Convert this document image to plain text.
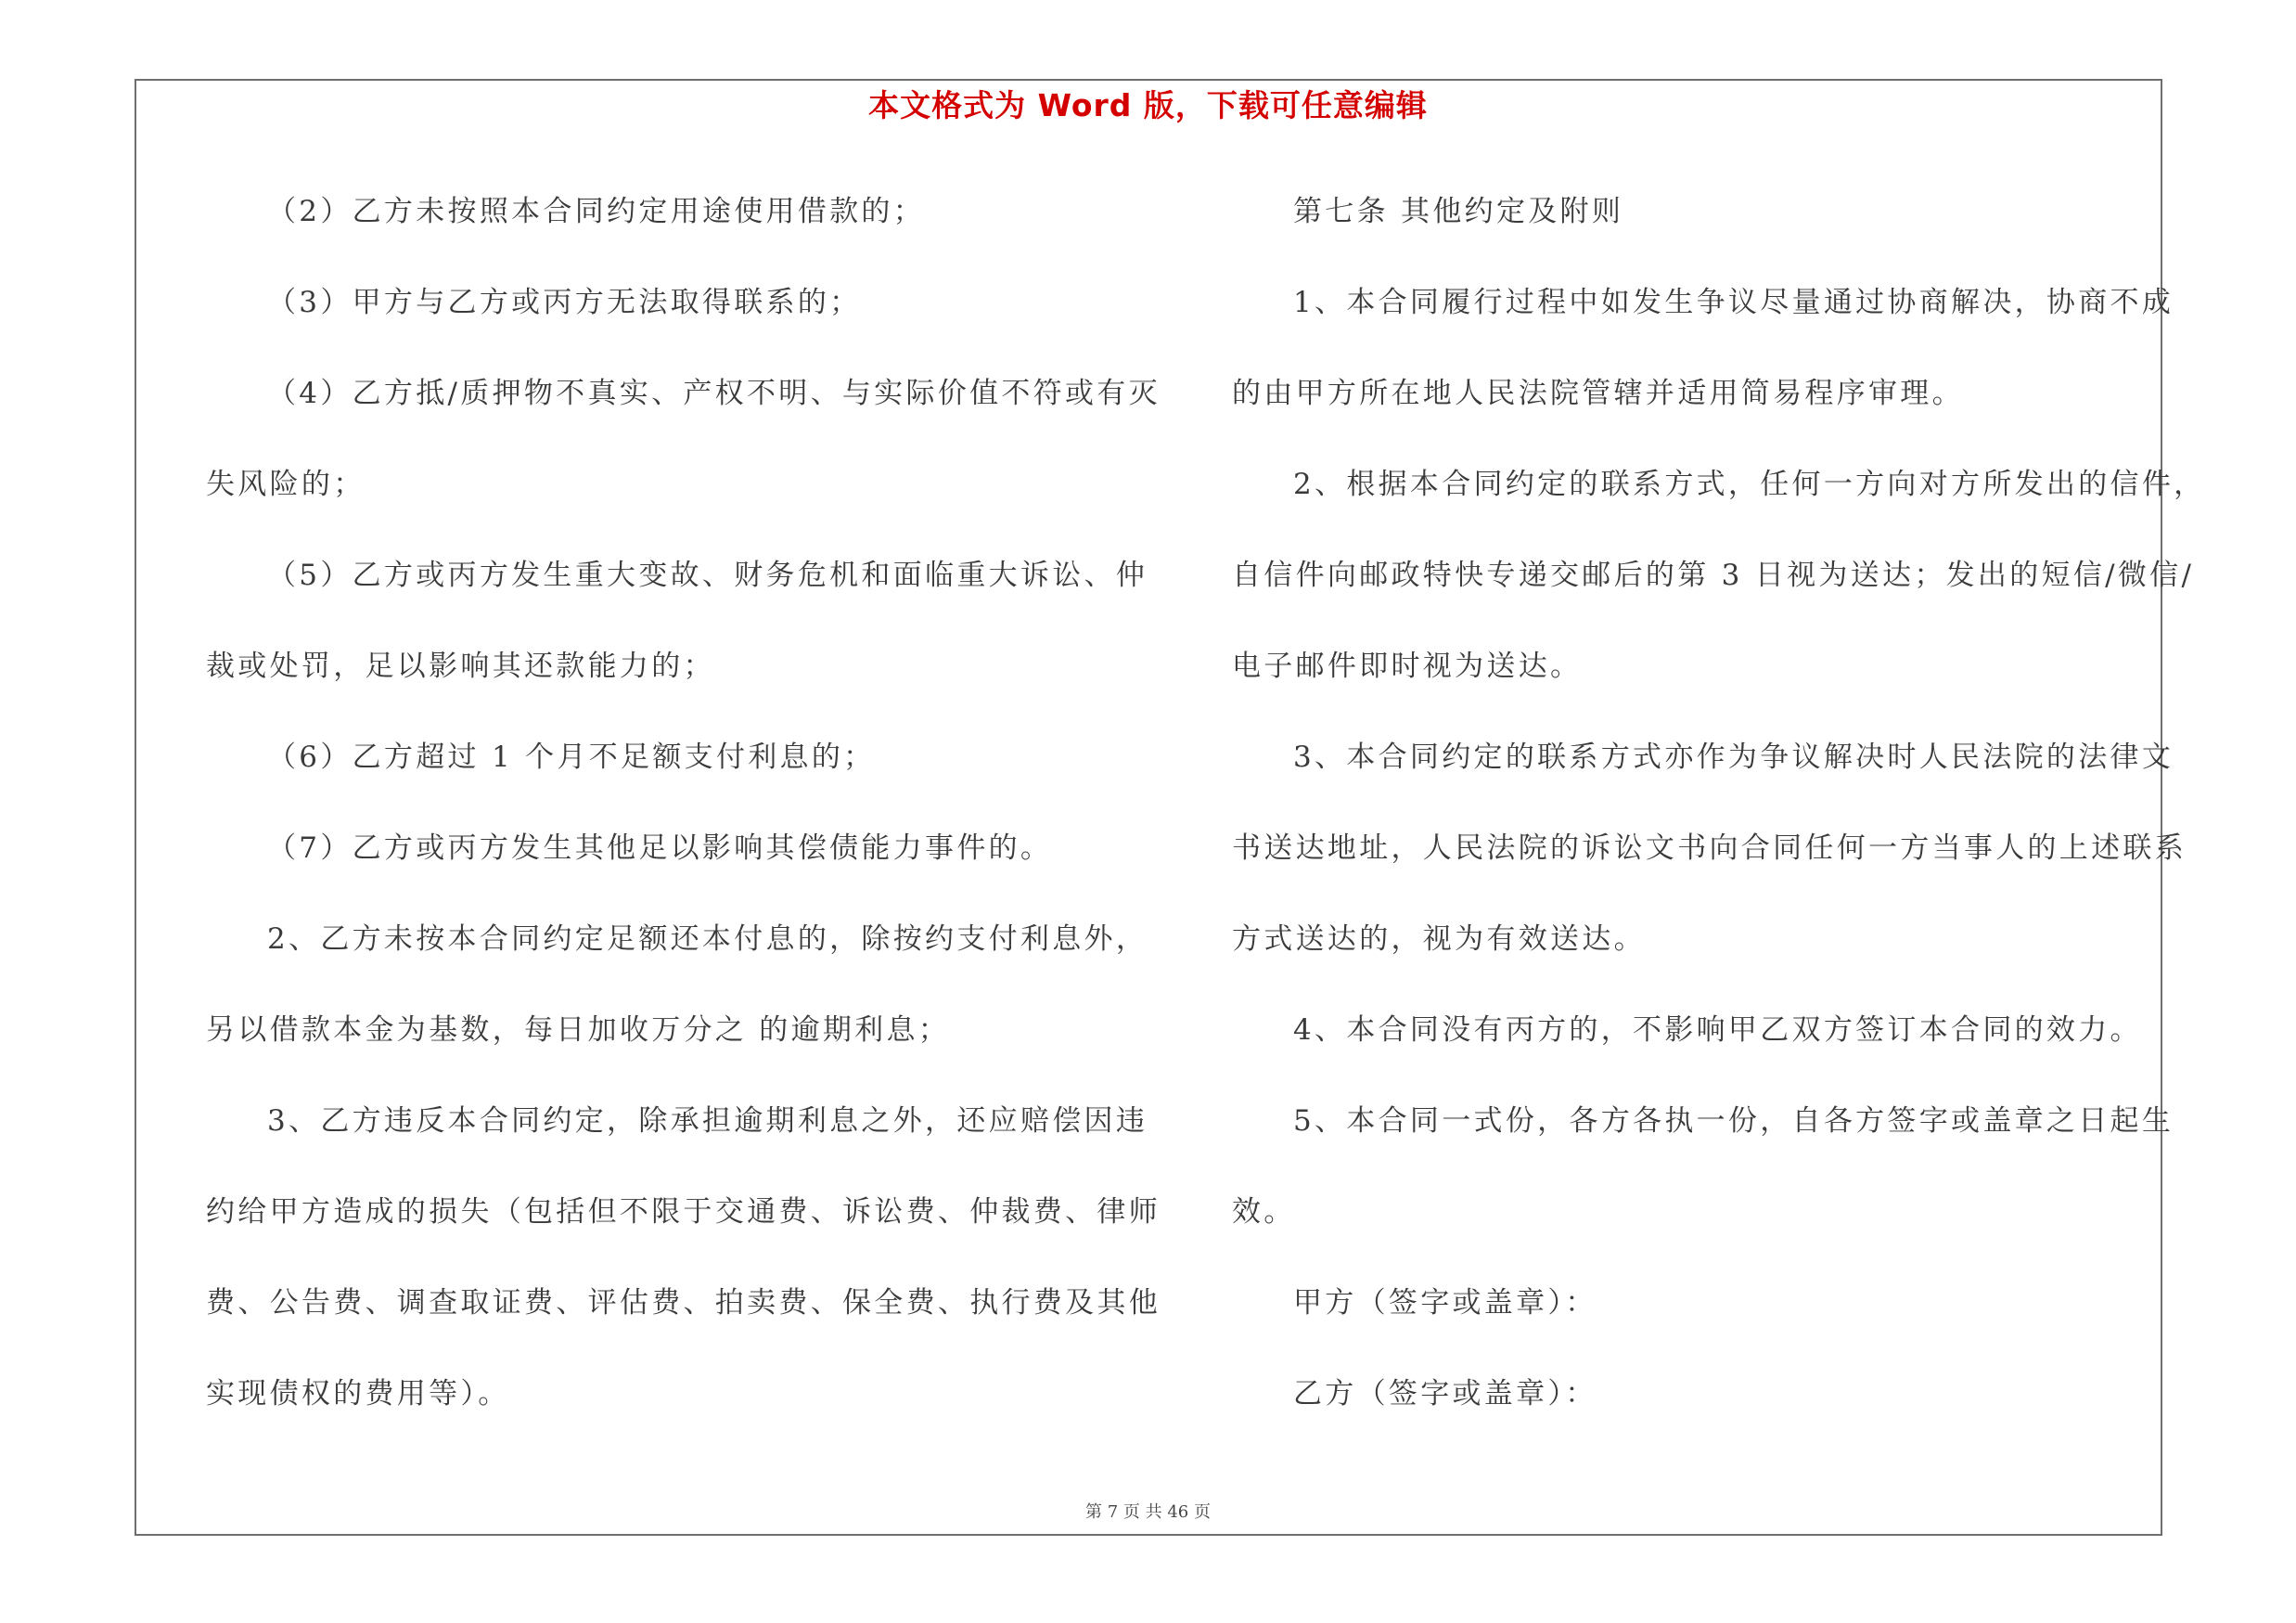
本文格式为 Word 版，下载可任意编辑
（2）乙方未按照本合同约定用途使用借款的；
（3）甲方与乙方或丙方无法取得联系的；
（4）乙方抵/质押物不真实、产权不明、与实际价值不符或有灭
失风险的；
（5）乙方或丙方发生重大变故、财务危机和面临重大诉讼、仲
裁或处罚，足以影响其还款能力的；
（6）乙方超过 1 个月不足额支付利息的；
（7）乙方或丙方发生其他足以影响其偿债能力事件的。
2、乙方未按本合同约定足额还本付息的，除按约支付利息外，
另以借款本金为基数，每日加收万分之 的逾期利息；
3、乙方违反本合同约定，除承担逾期利息之外，还应赔偿因违
约给甲方造成的损失（包括但不限于交通费、诉讼费、仲裁费、律师
费、公告费、调查取证费、评估费、拍卖费、保全费、执行费及其他
实现债权的费用等）。
第七条 其他约定及附则
1、本合同履行过程中如发生争议尽量通过协商解决，协商不成
的由甲方所在地人民法院管辖并适用简易程序审理。
2、根据本合同约定的联系方式，任何一方向对方所发出的信件，
自信件向邮政特快专递交邮后的第 3 日视为送达；发出的短信/微信/
电子邮件即时视为送达。
3、本合同约定的联系方式亦作为争议解决时人民法院的法律文
书送达地址，人民法院的诉讼文书向合同任何一方当事人的上述联系
方式送达的，视为有效送达。
4、本合同没有丙方的，不影响甲乙双方签订本合同的效力。
5、本合同一式份，各方各执一份，自各方签字或盖章之日起生
效。
甲方（签字或盖章）：
乙方（签字或盖章）：
第 7 页 共 46 页
